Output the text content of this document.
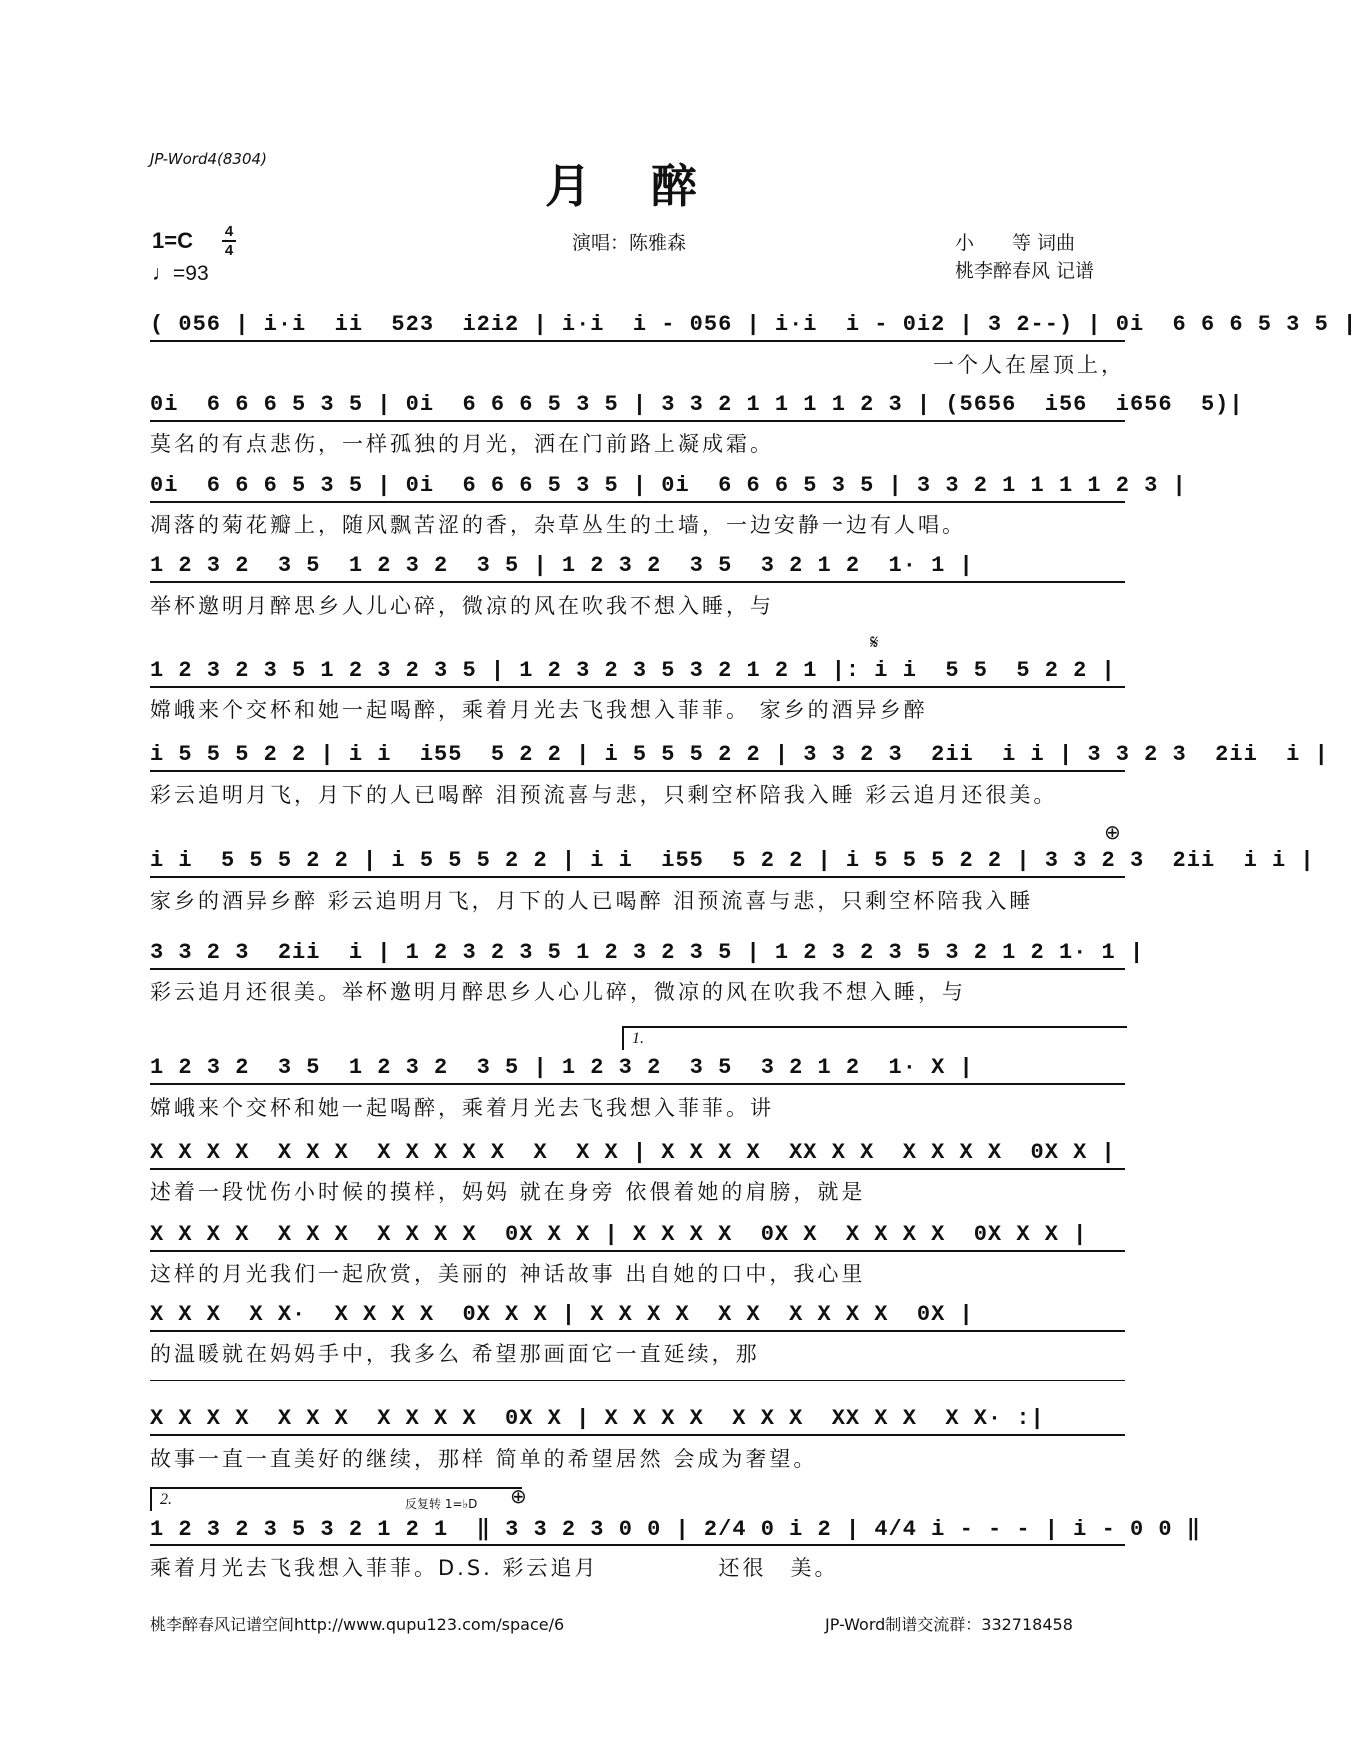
JP-Word4(8304)	月醉
1=C 4
4
♩=93
演唱：陈雅森	小　　等 词曲
桃李醉春风 记谱
( 056 | i·i  ii  523  i2i2 | i·i  i - 056 | i·i  i - 0i2 | 3 2--) | 0i  6 6 6 5 3 5 |
一个人在屋顶上，
0i  6 6 6 5 3 5 | 0i  6 6 6 5 3 5 | 3 3 2 1 1 1 1 2 3 | (5656  i56  i656  5)|
莫名的有点悲伤，一样孤独的月光，洒在门前路上凝成霜。
0i  6 6 6 5 3 5 | 0i  6 6 6 5 3 5 | 0i  6 6 6 5 3 5 | 3 3 2 1 1 1 1 2 3 |
凋落的菊花瓣上，随风飘苦涩的香，杂草丛生的土墙，一边安静一边有人唱。
1 2 3 2  3 5  1 2 3 2  3 5 | 1 2 3 2  3 5  3 2 1 2  1· 1 |
举杯邀明月醉思乡人儿心碎，微凉的风在吹我不想入睡，与
𝄋
1 2 3 2 3 5 1 2 3 2 3 5 | 1 2 3 2 3 5 3 2 1 2 1 |: i i  5 5  5 2 2 |
嫦峨来个交杯和她一起喝醉，乘着月光去飞我想入菲菲。 家乡的酒异乡醉
i 5 5 5 2 2 | i i  i55  5 2 2 | i 5 5 5 2 2 | 3 3 2 3  2ii  i i | 3 3 2 3  2ii  i |
彩云追明月飞，月下的人已喝醉 泪预流喜与悲，只剩空杯陪我入睡 彩云追月还很美。
⊕
i i  5 5 5 2 2 | i 5 5 5 2 2 | i i  i55  5 2 2 | i 5 5 5 2 2 | 3 3 2 3  2ii  i i |
家乡的酒异乡醉 彩云追明月飞，月下的人已喝醉 泪预流喜与悲，只剩空杯陪我入睡
3 3 2 3  2ii  i | 1 2 3 2 3 5 1 2 3 2 3 5 | 1 2 3 2 3 5 3 2 1 2 1· 1 |
彩云追月还很美。举杯邀明月醉思乡人心儿碎，微凉的风在吹我不想入睡，与
1.
1 2 3 2  3 5  1 2 3 2  3 5 | 1 2 3 2  3 5  3 2 1 2  1· X |
嫦峨来个交杯和她一起喝醉，乘着月光去飞我想入菲菲。讲
X X X X  X X X  X X X X X  X  X X | X X X X  XX X X  X X X X  0X X |
述着一段忧伤小时候的摸样，妈妈 就在身旁 依偎着她的肩膀，就是
X X X X  X X X  X X X X  0X X X | X X X X  0X X  X X X X  0X X X |
这样的月光我们一起欣赏，美丽的 神话故事 出自她的口中，我心里
X X X  X X·  X X X X  0X X X | X X X X  X X  X X X X  0X |
的温暖就在妈妈手中，我多么 希望那画面它一直延续，那
X X X X  X X X  X X X X  0X X | X X X X  X X X  XX X X  X X· :|
故事一直一直美好的继续，那样 简单的希望居然 会成为奢望。
2.	反复转 1=♭D ⊕
1 2 3 2 3 5 3 2 1 2 1  ‖ 3 3 2 3 0 0 | 2/4 0 i 2 | 4/4 i - - - | i - 0 0 ‖
乘着月光去飞我想入菲菲。D.S. 彩云追月　　　　　还很　美。
桃李醉春风记谱空间http://www.qupu123.com/space/6	JP-Word制谱交流群：332718458
